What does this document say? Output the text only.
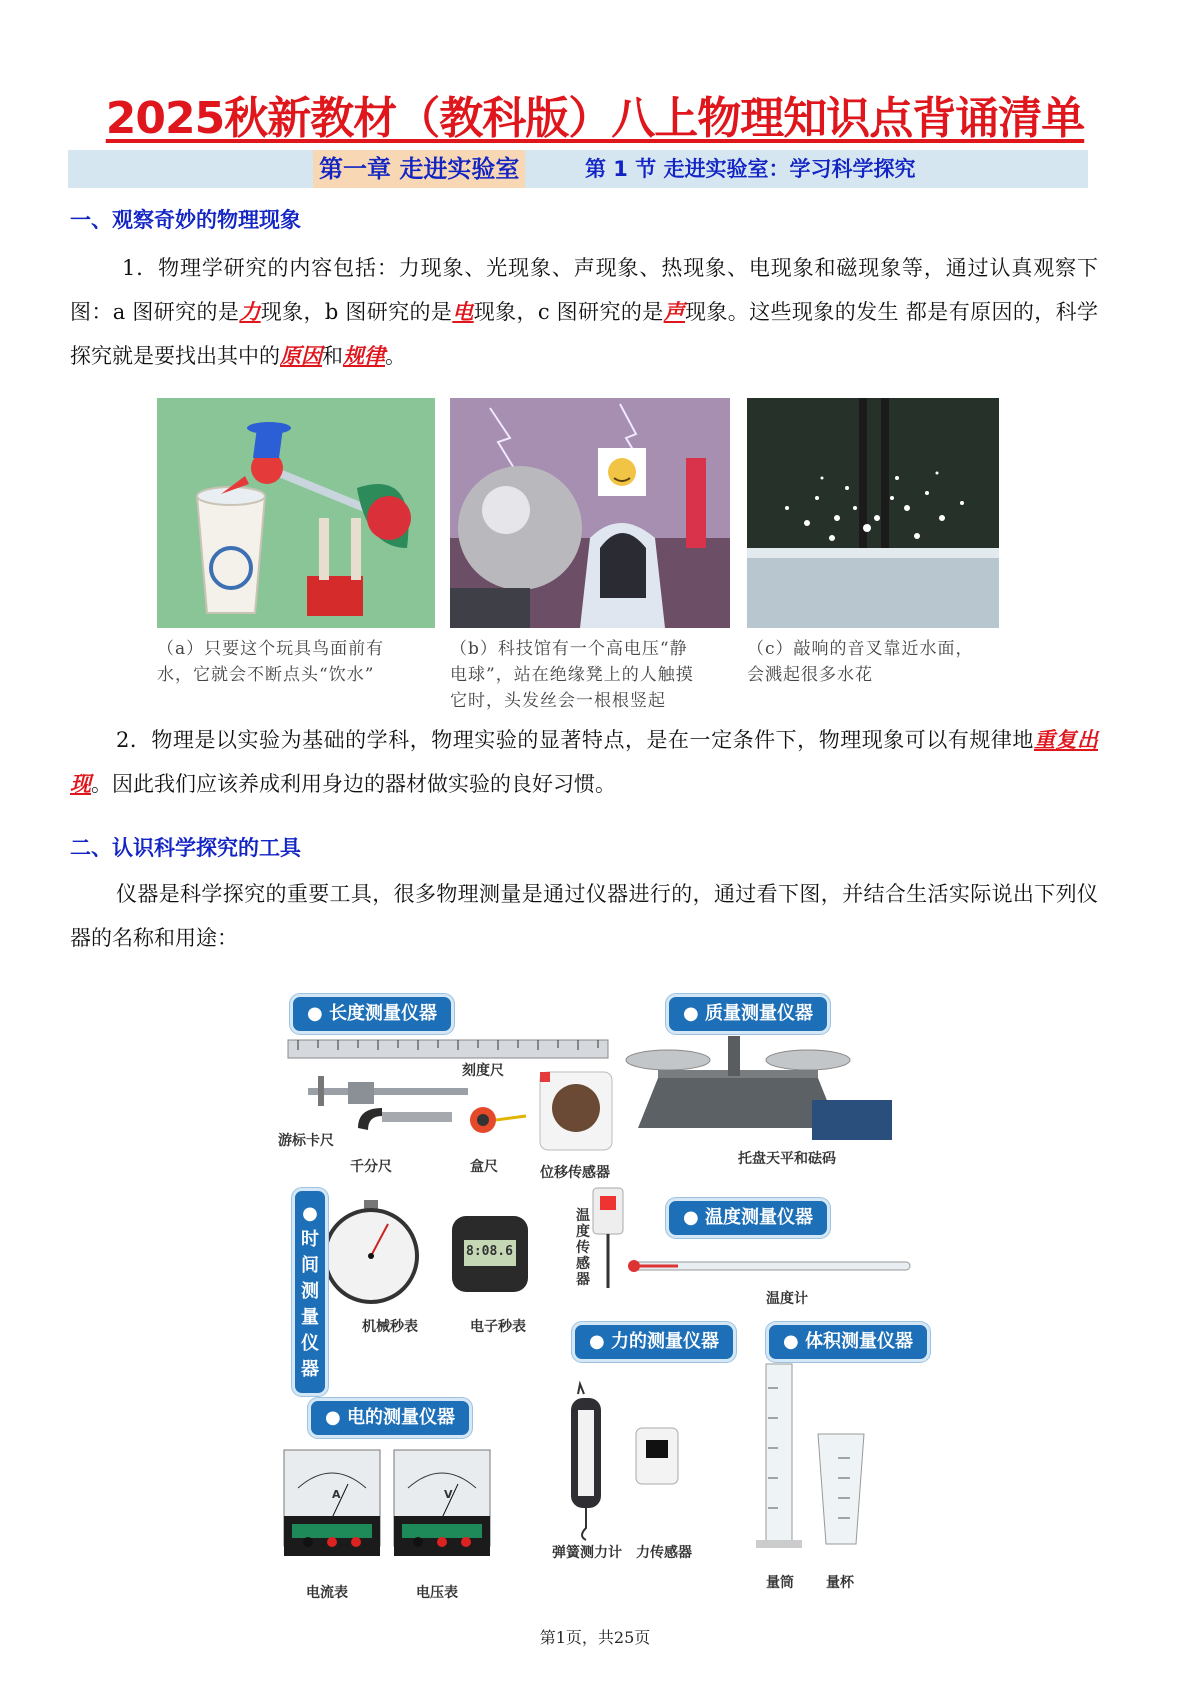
2025秋新教材（教科版）八上物理知识点背诵清单
第一章 走进实验室	第 1 节 走进实验室：学习科学探究
一、观察奇妙的物理现象
1．物理学研究的内容包括：力现象、光现象、声现象、热现象、电现象和磁现象等，通过认真观察下图：a 图研究的是力现象，b 图研究的是电现象，c 图研究的是声现象。这些现象的发生 都是有原因的，科学探究就是要找出其中的原因和规律。
（a）只要这个玩具鸟面前有
水，它就会不断点头“饮水”
（b）科技馆有一个高电压“静
电球”，站在绝缘凳上的人触摸
它时，头发丝会一根根竖起
（c）敲响的音叉靠近水面，
会溅起很多水花
2．物理是以实验为基础的学科，物理实验的显著特点，是在一定条件下，物理现象可以有规律地重复出现。因此我们应该养成利用身边的器材做实验的良好习惯。
二、认识科学探究的工具
仪器是科学探究的重要工具，很多物理测量是通过仪器进行的，通过看下图，并结合生活实际说出下列仪器的名称和用途：
● 长度测量仪器	● 质量测量仪器
● 时间测量仪器
● 温度测量仪器
● 力的测量仪器	● 体积测量仪器
● 电的测量仪器
刻度尺
游标卡尺
千分尺	盒尺	位移传感器
托盘天平和砝码
机械秒表
8:08.6
电子秒表
温度传感器
温度计
A	V
电流表	电压表
弹簧测力计 力传感器
量筒 量杯
第1页，共25页
